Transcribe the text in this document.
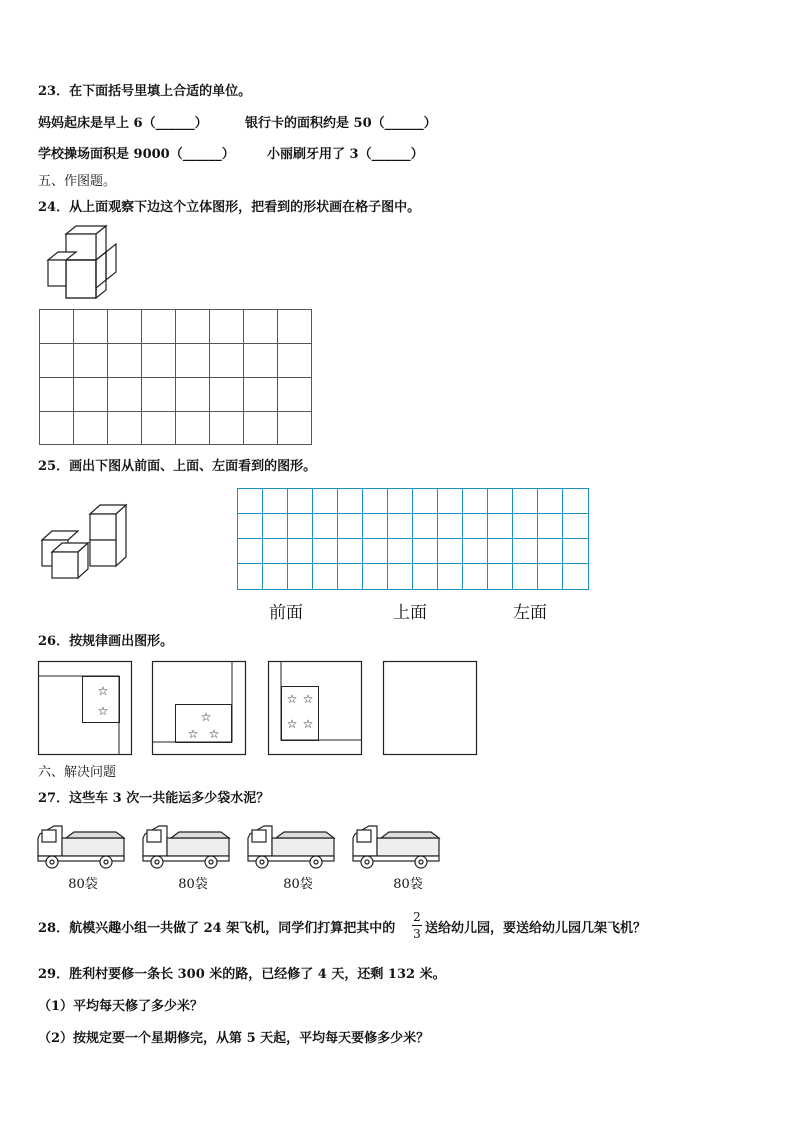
23．在下面括号里填上合适的单位。
妈妈起床是早上 6（______）	银行卡的面积约是 50（______）
学校操场面积是 9000（______） 小丽刷牙用了 3（______）
五、作图题。
24．从上面观察下边这个立体图形，把看到的形状画在格子图中。
25．画出下图从前面、上面、左面看到的图形。
前面	上面	左面
26．按规律画出图形。
☆
☆	☆
☆ ☆
☆ ☆
☆ ☆
六、解决问题
27．这些车 3 次一共能运多少袋水泥？
80袋	80袋	80袋	80袋
28．航模兴趣小组一共做了 24 架飞机，同学们打算把其中的
2
3 送给幼儿园，要送给幼儿园几架飞机？
29．胜利村要修一条长 300 米的路，已经修了 4 天，还剩 132 米。
（1）平均每天修了多少米？
（2）按规定要一个星期修完，从第 5 天起，平均每天要修多少米？
